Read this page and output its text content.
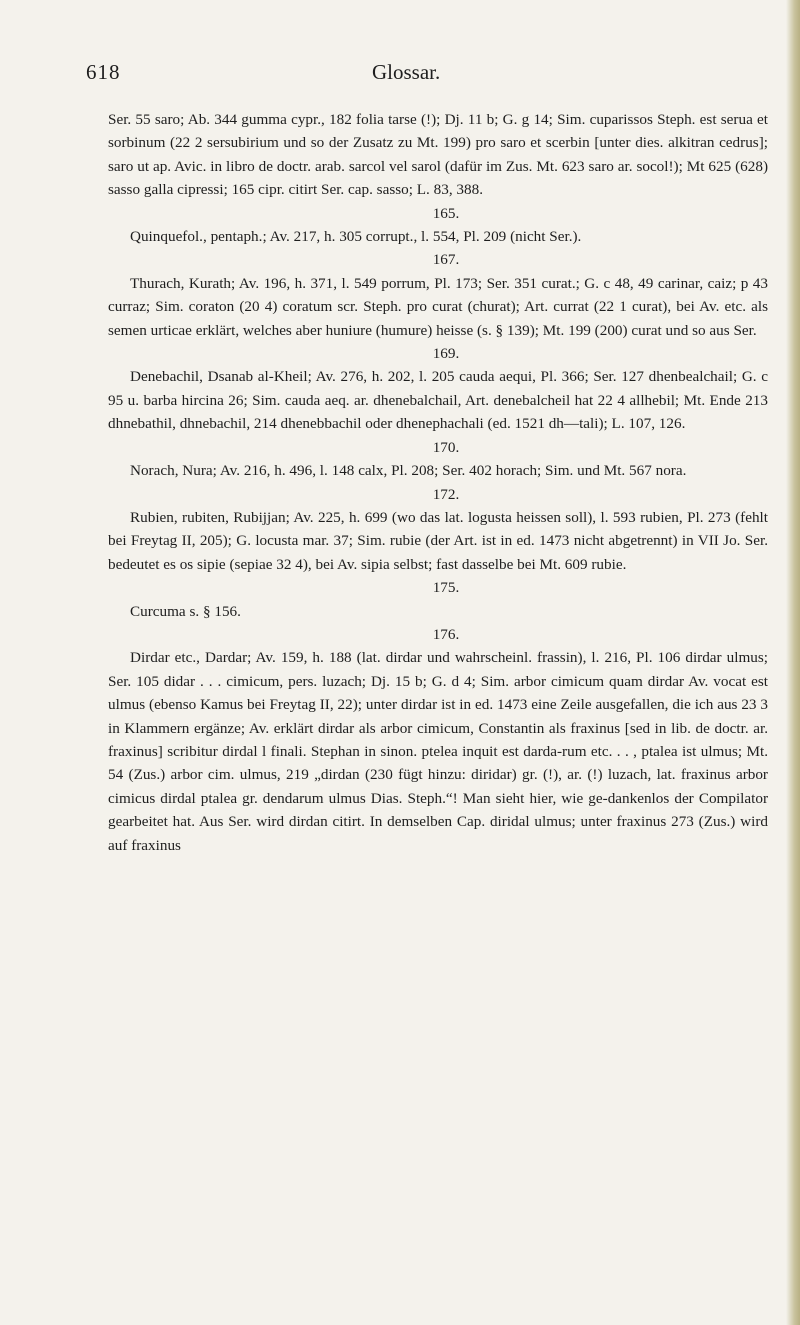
618	Glossar.

Ser. 55 saro; Ab. 344 gumma cypr., 182 folia tarse (!); Dj. 11 b; G. g 14; Sim. cuparissos Steph. est serua et sorbinum (22 2 sersubirium und so der Zusatz zu Mt. 199) pro saro et scerbin [unter dies. alkitran cedrus]; saro ut ap. Avic. in libro de doctr. arab. sarcol vel sarol (dafür im Zus. Mt. 623 saro ar. socol!); Mt 625 (628) sasso galla cipressi; 165 cipr. citirt Ser. cap. sasso; L. 83, 388.

165.

Quinquefol., pentaph.; Av. 217, h. 305 corrupt., l. 554, Pl. 209 (nicht Ser.).

167.

Thurach, Kurath; Av. 196, h. 371, l. 549 porrum, Pl. 173; Ser. 351 curat.; G. c 48, 49 carinar, caiz; p 43 curraz; Sim. coraton (20 4) coratum scr. Steph. pro curat (churat); Art. currat (22 1 curat), bei Av. etc. als semen urticae erklärt, welches aber huniure (humure) heisse (s. § 139); Mt. 199 (200) curat und so aus Ser.

169.

Denebachil, Dsanab al-Kheil; Av. 276, h. 202, l. 205 cauda aequi, Pl. 366; Ser. 127 dhenbealchail; G. c 95 u. barba hircina 26; Sim. cauda aeq. ar. dhenebalchail, Art. denebalcheil hat 22 4 allhebil; Mt. Ende 213 dhnebathil, dhnebachil, 214 dhenebbachil oder dhenephachali (ed. 1521 dh—tali); L. 107, 126.

170.

Norach, Nura; Av. 216, h. 496, l. 148 calx, Pl. 208; Ser. 402 horach; Sim. und Mt. 567 nora.

172.

Rubien, rubiten, Rubijjan; Av. 225, h. 699 (wo das lat. logusta heissen soll), l. 593 rubien, Pl. 273 (fehlt bei Freytag II, 205); G. locusta mar. 37; Sim. rubie (der Art. ist in ed. 1473 nicht abgetrennt) in VII Jo. Ser. bedeutet es os sipie (sepiae 32 4), bei Av. sipia selbst; fast dasselbe bei Mt. 609 rubie.

175.

Curcuma s. § 156.

176.

Dirdar etc., Dardar; Av. 159, h. 188 (lat. dirdar und wahrscheinl. frassin), l. 216, Pl. 106 dirdar ulmus; Ser. 105 didar . . . cimicum, pers. luzach; Dj. 15 b; G. d 4; Sim. arbor cimicum quam dirdar Av. vocat est ulmus (ebenso Kamus bei Freytag II, 22); unter dirdar ist in ed. 1473 eine Zeile ausgefallen, die ich aus 23 3 in Klammern ergänze; Av. erklärt dirdar als arbor cimicum, Constantin als fraxinus [sed in lib. de doctr. ar. fraxinus] scribitur dirdal l finali. Stephan in sinon. ptelea inquit est darda-rum etc. . . , ptalea ist ulmus; Mt. 54 (Zus.) arbor cim. ulmus, 219 „dirdan (230 fügt hinzu: diridar) gr. (!), ar. (!) luzach, lat. fraxinus arbor cimicus dirdal ptalea gr. dendarum ulmus Dias. Steph.“! Man sieht hier, wie ge-dankenlos der Compilator gearbeitet hat. Aus Ser. wird dirdan citirt. In demselben Cap. diridal ulmus; unter fraxinus 273 (Zus.) wird auf fraxinus
